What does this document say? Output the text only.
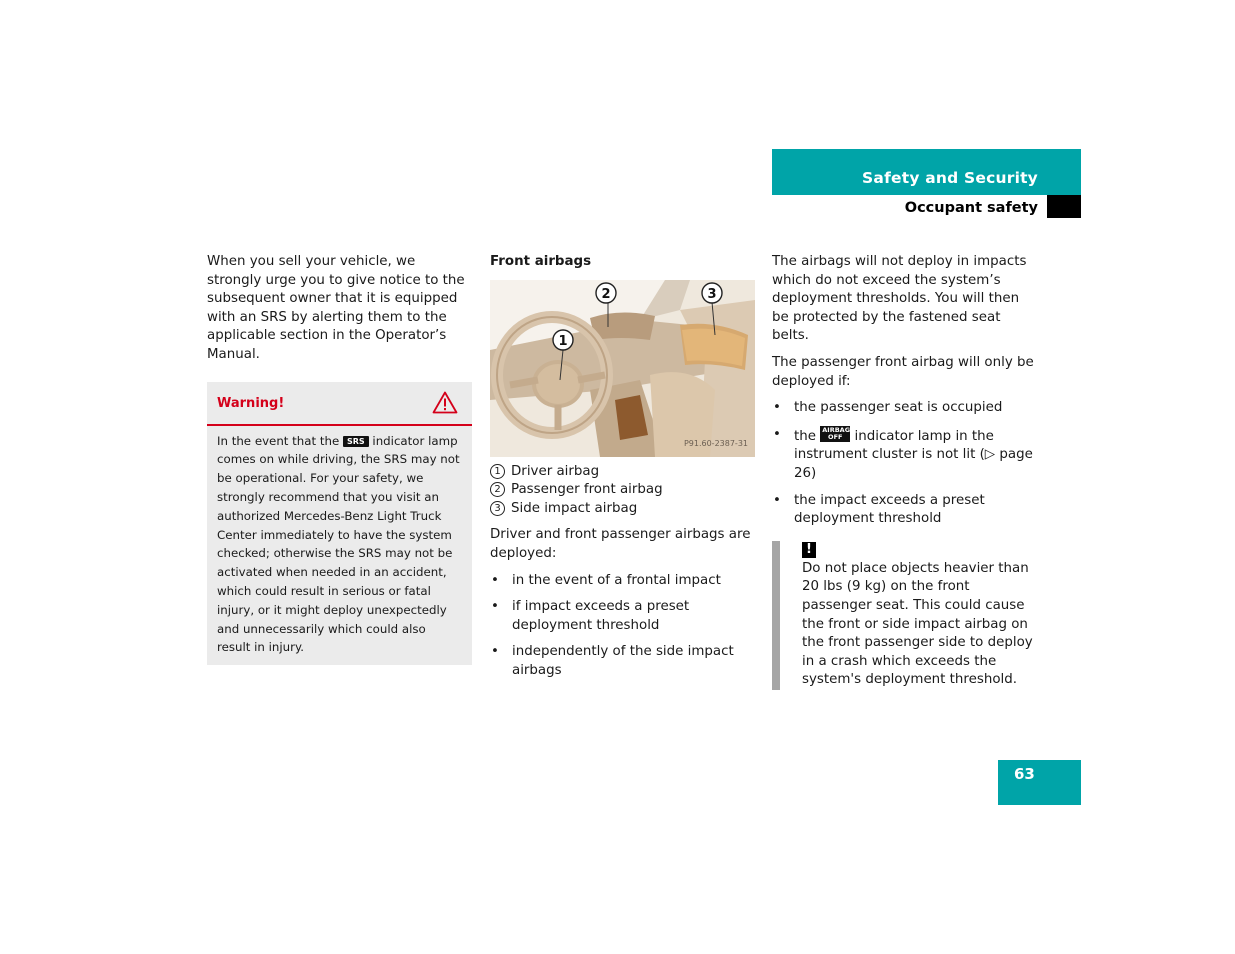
Safety and Security
Occupant safety

When you sell your vehicle, we strongly urge you to give notice to the subsequent owner that it is equipped with an SRS by alerting them to the applicable section in the Operator’s Manual.

Warning!
In the event that the SRS indicator lamp comes on while driving, the SRS may not be operational. For your safety, we strongly recommend that you visit an authorized Mercedes-Benz Light Truck Center immediately to have the system checked; otherwise the SRS may not be activated when needed in an accident, which could result in serious or fatal injury, or it might deploy unexpectedly and unnecessarily which could also result in injury.

Front airbags

2	3
1
P91.60-2387-31
1 Driver airbag
2 Passenger front airbag
3 Side impact airbag

Driver and front passenger airbags are deployed:

• in the event of a frontal impact
• if impact exceeds a preset deployment threshold
• independently of the side impact airbags

The airbags will not deploy in impacts which do not exceed the system’s deployment thresholds. You will then be protected by the fastened seat belts.

The passenger front airbag will only be deployed if:

• the passenger seat is occupied
• the AIRBAG OFF indicator lamp in the instrument cluster is not lit (▷ page 26)
• the impact exceeds a preset deployment threshold
!
Do not place objects heavier than 20 lbs (9 kg) on the front passenger seat. This could cause the front or side impact airbag on the front passenger side to deploy in a crash which exceeds the system's deployment threshold.
63
